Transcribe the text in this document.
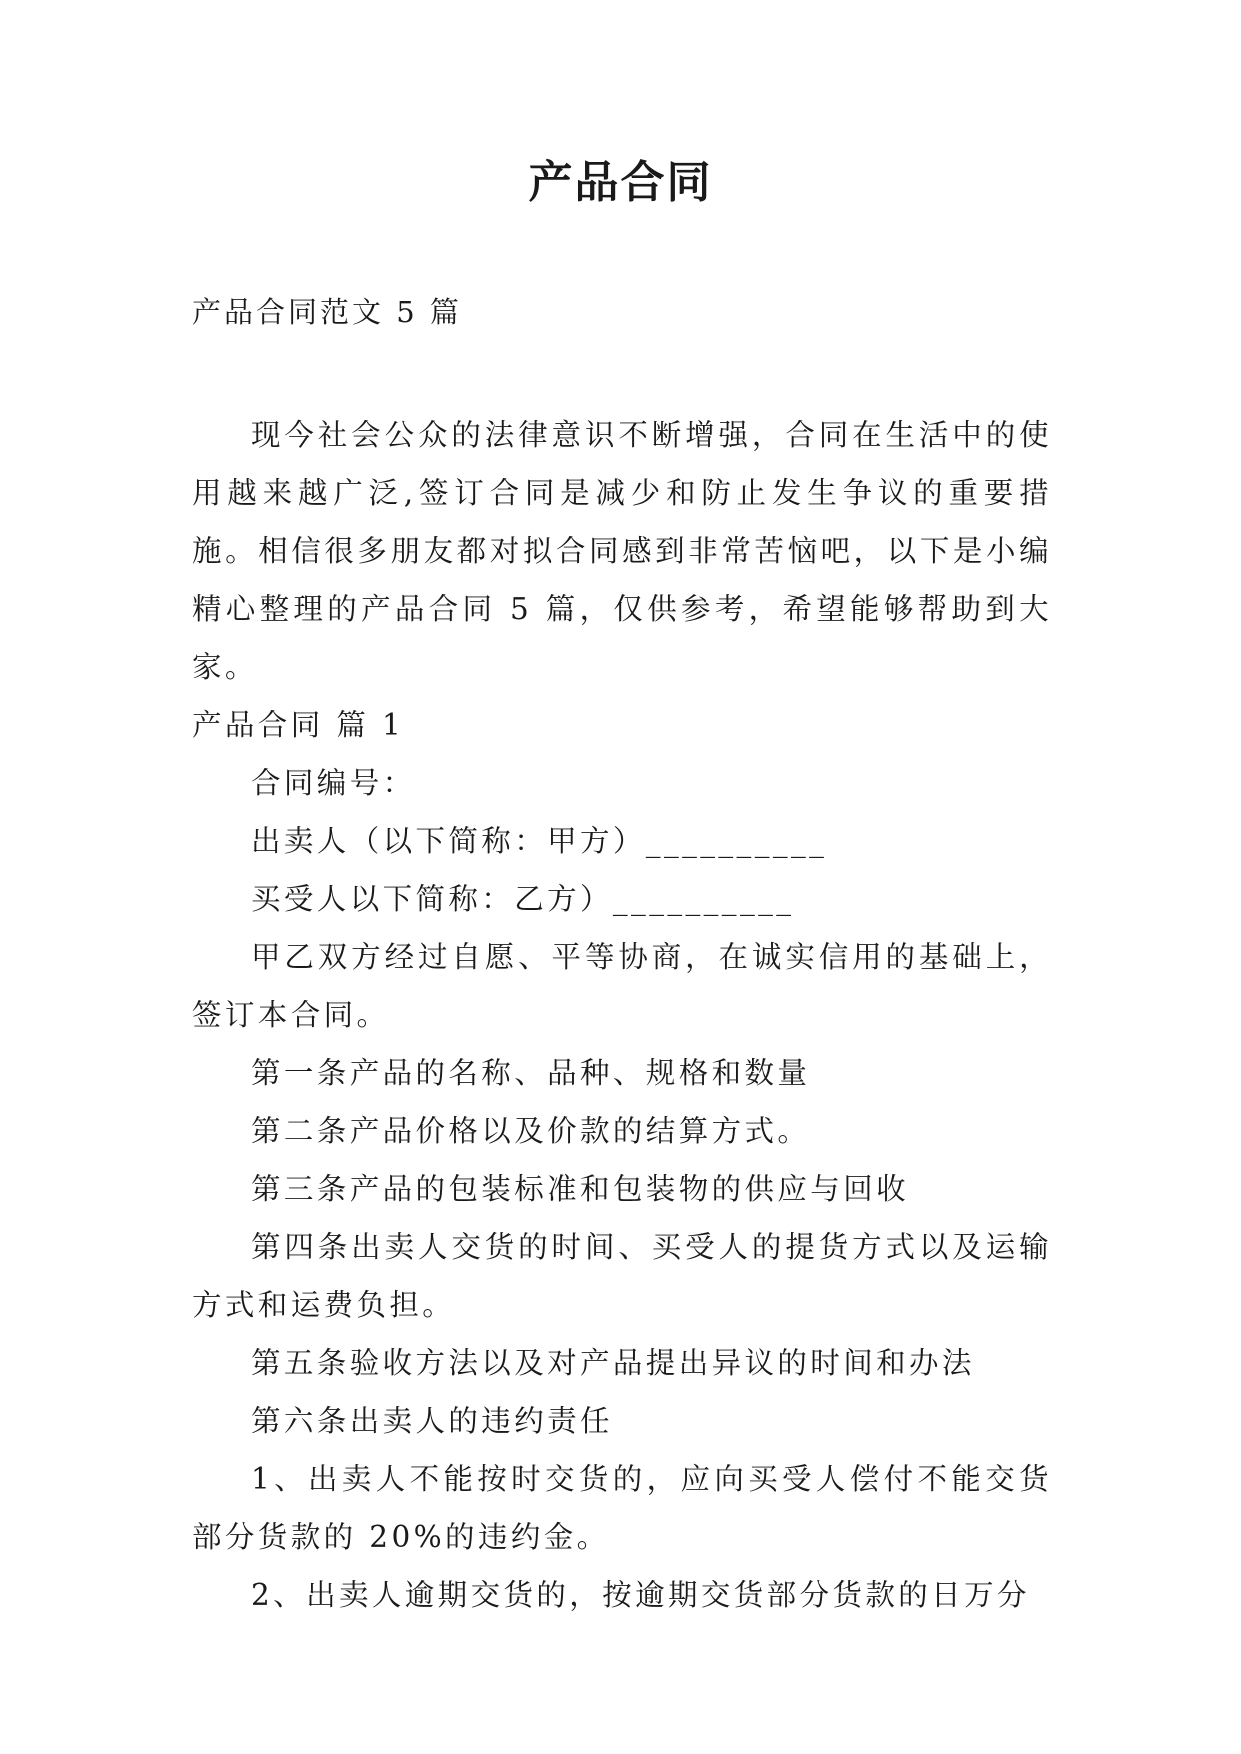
产品合同

产品合同范文 5 篇

现今社会公众的法律意识不断增强，合同在生活中的使用越来越广泛,签订合同是减少和防止发生争议的重要措施。相信很多朋友都对拟合同感到非常苦恼吧，以下是小编精心整理的产品合同 5 篇，仅供参考，希望能够帮助到大家。

产品合同 篇 1

合同编号：

出卖人（以下简称：甲方）__________

买受人以下简称：乙方）__________

甲乙双方经过自愿、平等协商，在诚实信用的基础上，签订本合同。

第一条产品的名称、品种、规格和数量

第二条产品价格以及价款的结算方式。

第三条产品的包装标准和包装物的供应与回收

第四条出卖人交货的时间、买受人的提货方式以及运输方式和运费负担。

第五条验收方法以及对产品提出异议的时间和办法

第六条出卖人的违约责任

1、出卖人不能按时交货的，应向买受人偿付不能交货部分货款的 20%的违约金。

2、出卖人逾期交货的，按逾期交货部分货款的日万分
